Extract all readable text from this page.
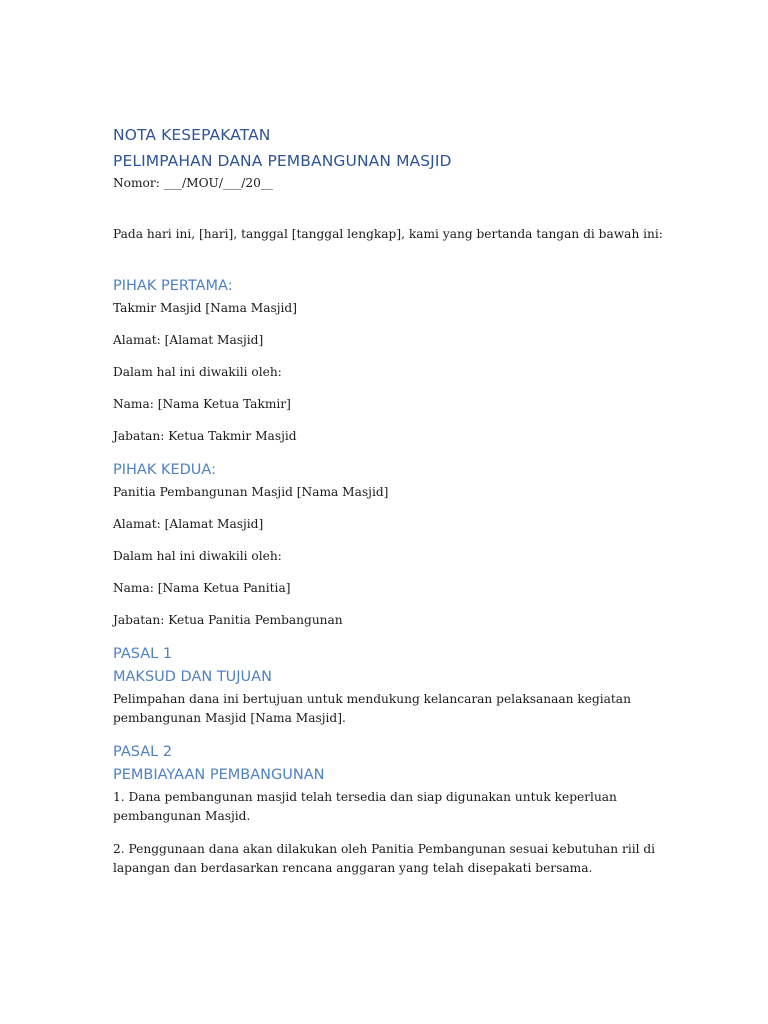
NOTA KESEPAKATAN
PELIMPAHAN DANA PEMBANGUNAN MASJID
Nomor: ___/MOU/___/20__
Pada hari ini, [hari], tanggal [tanggal lengkap], kami yang bertanda tangan di bawah ini:
PIHAK PERTAMA:
Takmir Masjid [Nama Masjid]
Alamat: [Alamat Masjid]
Dalam hal ini diwakili oleh:
Nama: [Nama Ketua Takmir]
Jabatan: Ketua Takmir Masjid
PIHAK KEDUA:
Panitia Pembangunan Masjid [Nama Masjid]
Alamat: [Alamat Masjid]
Dalam hal ini diwakili oleh:
Nama: [Nama Ketua Panitia]
Jabatan: Ketua Panitia Pembangunan
PASAL 1
MAKSUD DAN TUJUAN
Pelimpahan dana ini bertujuan untuk mendukung kelancaran pelaksanaan kegiatan
pembangunan Masjid [Nama Masjid].
PASAL 2
PEMBIAYAAN PEMBANGUNAN
1. Dana pembangunan masjid telah tersedia dan siap digunakan untuk keperluan
pembangunan Masjid.
2. Penggunaan dana akan dilakukan oleh Panitia Pembangunan sesuai kebutuhan riil di
lapangan dan berdasarkan rencana anggaran yang telah disepakati bersama.
